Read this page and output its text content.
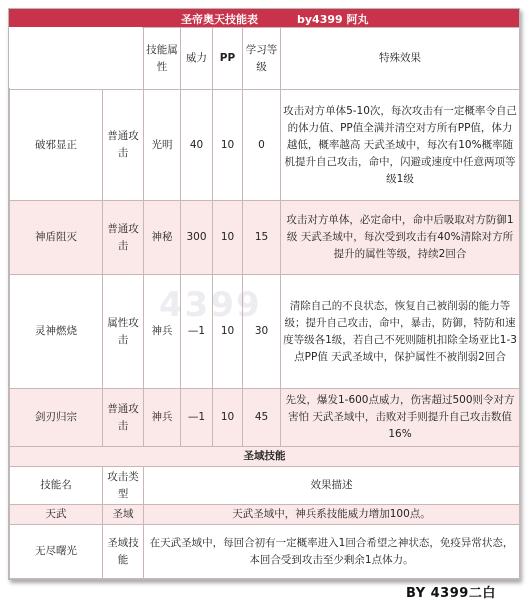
圣帝奥天技能表	by4399 阿丸
		技能属性	威力	PP	学习等级	特殊效果
破邪显正	普通攻击	光明	40	10	0	攻击对方单体5-10次，每次攻击有一定概率令自己的体力值、PP值全满并清空对方所有PP值，体力越低，概率越高 天武圣域中，每次有10%概率随机提升自己攻击，命中，闪避或速度中任意两项等级1级
神盾阻灭	普通攻击	神秘	300	10	15	攻击对方单体，必定命中，命中后吸取对方防御1级 天武圣域中，每次受到攻击有40%清除对方所提升的属性等级，持续2回合
灵神燃烧	属性攻击	神兵	—1	10	30	清除自己的不良状态，恢复自己被削弱的能力等级；提升自己攻击，命中，暴击，防御，特防和速度等级各1级，若自己不死则随机扣除全场亚比1-3点PP值 天武圣域中，保护属性不被削弱2回合
剑刃归宗	普通攻击	神兵	—1	10	45	先发，爆发1-600点威力，伤害超过500则令对方害怕 天武圣域中，击败对手则提升自己攻击数值16%
圣域技能		
技能名	攻击类型	效果描述
天武	圣域	天武圣域中，神兵系技能威力增加100点。
无尽曙光	圣域技能	在天武圣域中，每回合初有一定概率进入1回合希望之神状态，免疫异常状态，本回合受到攻击至少剩余1点体力。
4399
BY 4399二白
